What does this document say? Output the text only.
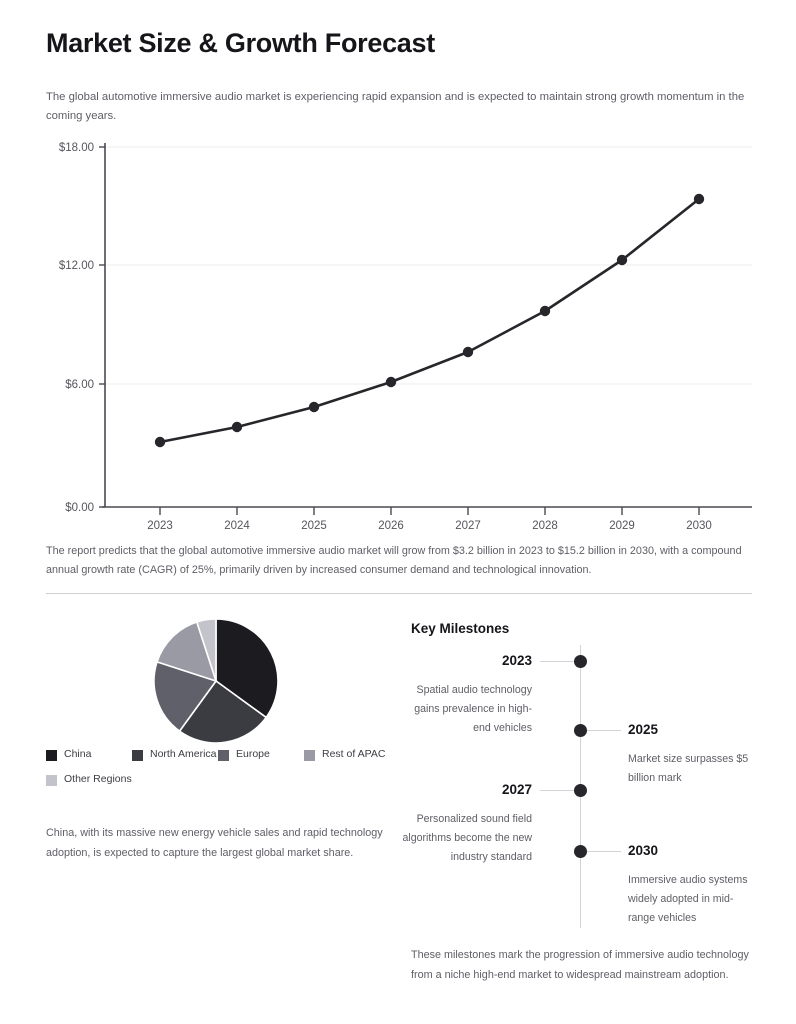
Market Size & Growth Forecast
The global automotive immersive audio market is experiencing rapid expansion and is expected to maintain strong growth momentum in the coming years.
$18.00
$12.00
$6.00
$0.00
2023	2024	2025	2026	2027	2028	2029	2030
The report predicts that the global automotive immersive audio market will grow from $3.2 billion in 2023 to $15.2 billion in 2030, with a compound annual growth rate (CAGR) of 25%, primarily driven by increased consumer demand and technological innovation.
China	North America Europe	Rest of APAC
Other Regions
China, with its massive new energy vehicle sales and rapid technology adoption, is expected to capture the largest global market share.
Key Milestones
2023
Spatial audio technology gains prevalence in high-end vehicles	2025
Market size surpasses $5 billion mark
2027
Personalized sound field algorithms become the new industry standard	2030
Immersive audio systems widely adopted in mid-range vehicles
These milestones mark the progression of immersive audio technology from a niche high-end market to widespread mainstream adoption.
